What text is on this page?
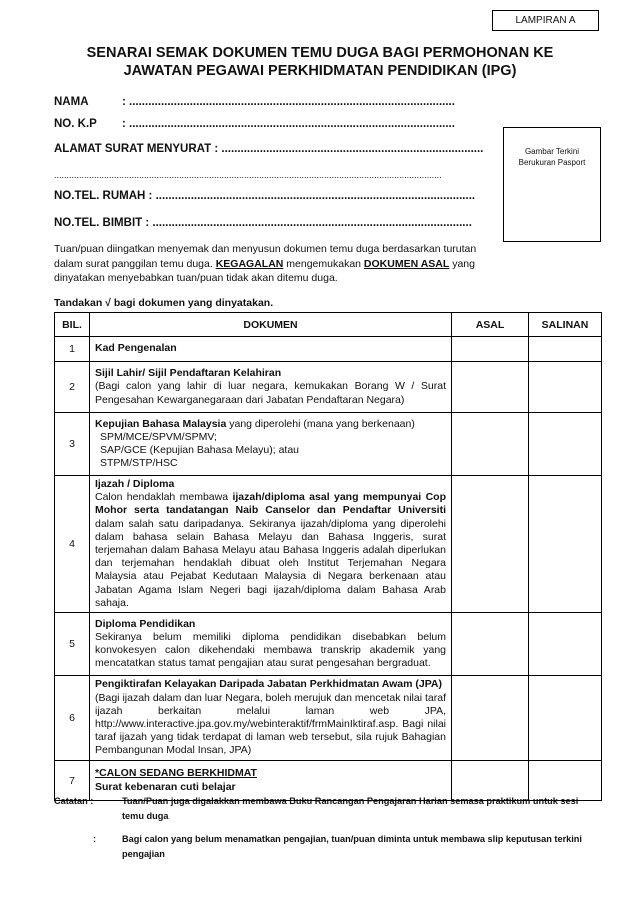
LAMPIRAN A
SENARAI SEMAK DOKUMEN TEMU DUGA BAGI PERMOHONAN KE
JAWATAN PEGAWAI PERKHIDMATAN PENDIDIKAN (IPG)
NAMA	: ......................................................................................................
NO. K.P : ......................................................................................................
ALAMAT SURAT MENYURAT : ..................................................................................
...........................................................................................................................................................
NO.TEL. RUMAH : ....................................................................................................
NO.TEL. BIMBIT : ....................................................................................................
Gambar Terkini
Berukuran Pasport
Tuan/puan diingatkan menyemak dan menyusun dokumen temu duga berdasarkan turutan dalam surat panggilan temu duga. KEGAGALAN mengemukakan DOKUMEN ASAL yang dinyatakan menyebabkan tuan/puan tidak akan ditemu duga.
Tandakan √ bagi dokumen yang dinyatakan.
BIL.	DOKUMEN	ASAL	SALINAN
1	Kad Pengenalan		
2	Sijil Lahir/ Sijil Pendaftaran Kelahiran
(Bagi calon yang lahir di luar negara, kemukakan Borang W / Surat Pengesahan Kewarganegaraan dari Jabatan Pendaftaran Negara)		

3	Kepujian Bahasa Malaysia yang diperolehi (mana yang berkenaan)
SPM/MCE/SPVM/SPMV;
SAP/GCE (Kepujian Bahasa Melayu); atau
STPM/STP/HSC		

4	Ijazah / Diploma
Calon hendaklah membawa ijazah/diploma asal yang mempunyai Cop Mohor serta tandatangan Naib Canselor dan Pendaftar Universiti dalam salah satu daripadanya. Sekiranya ijazah/diploma yang diperolehi dalam bahasa selain Bahasa Melayu dan Bahasa Inggeris, surat terjemahan dalam Bahasa Melayu atau Bahasa Inggeris adalah diperlukan dan terjemahan hendaklah dibuat oleh Institut Terjemahan Negara Malaysia atau Pejabat Kedutaan Malaysia di Negara berkenaan atau Jabatan Agama Islam Negeri bagi ijazah/diploma dalam Bahasa Arab sahaja.		

5	Diploma Pendidikan
Sekiranya belum memiliki diploma pendidikan disebabkan belum konvokesyen calon dikehendaki membawa transkrip akademik yang mencatatkan status tamat pengajian atau surat pengesahan bergraduat.		

6	Pengiktirafan Kelayakan Daripada Jabatan Perkhidmatan Awam (JPA)
(Bagi ijazah dalam dan luar Negara, boleh merujuk dan mencetak nilai taraf ijazah berkaitan melalui laman web JPA, http://www.interactive.jpa.gov.my/webinteraktif/frmMainIktiraf.asp. Bagi nilai taraf ijazah yang tidak terdapat di laman web tersebut, sila rujuk Bahagian Pembangunan Modal Insan, JPA)		

7	*CALON SEDANG BERKHIDMAT
Surat kebenaran cuti belajar		

Catatan :	Tuan/Puan juga digalakkan membawa Buku Rancangan Pengajaran Harian semasa praktikum untuk sesi temu duga
:	Bagi calon yang belum menamatkan pengajian, tuan/puan diminta untuk membawa slip keputusan terkini pengajian
